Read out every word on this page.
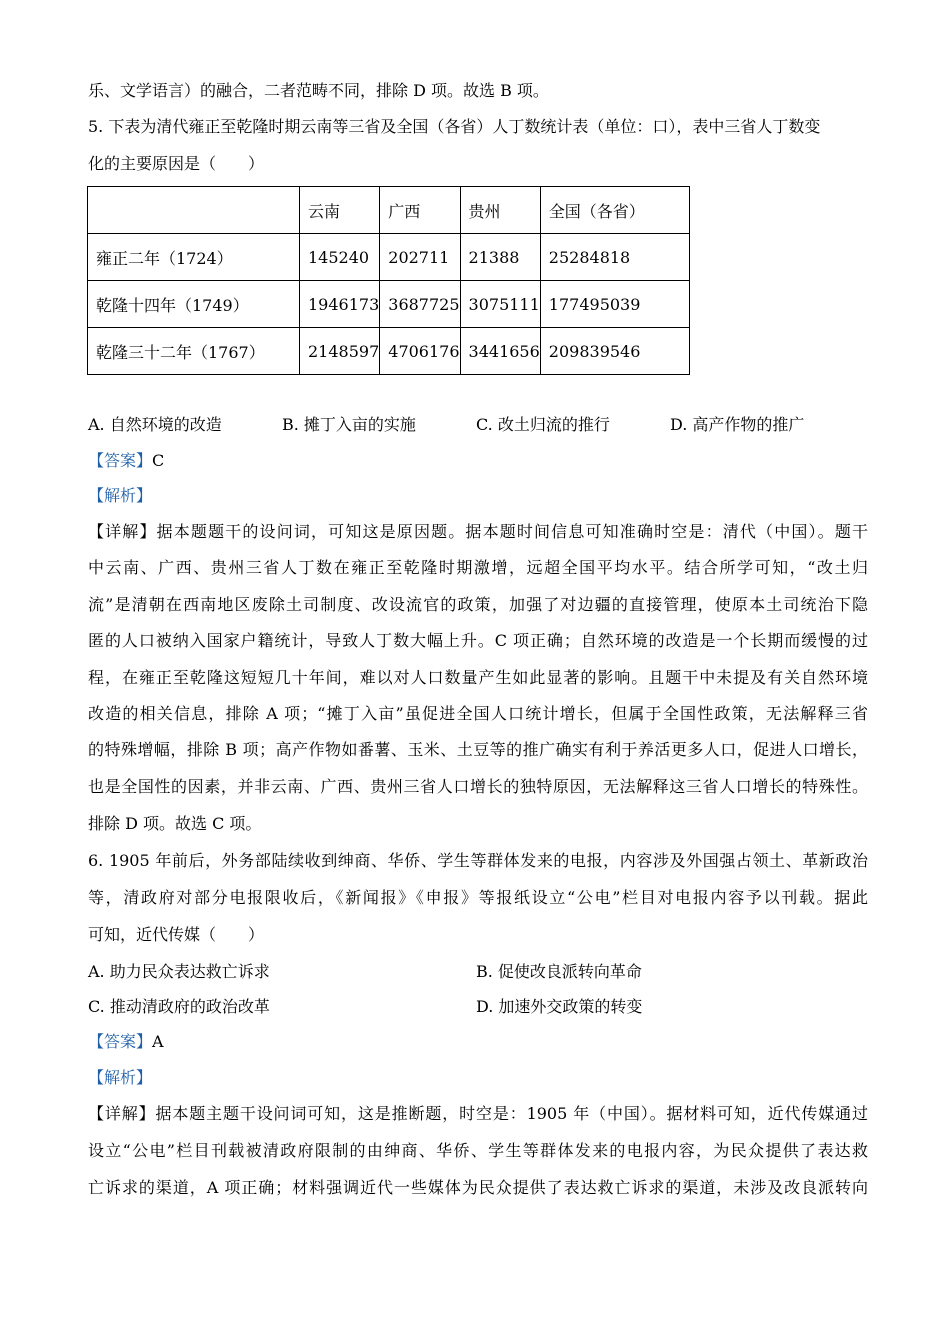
乐、文学语言）的融合，二者范畴不同，排除 D 项。故选 B 项。
5. 下表为清代雍正至乾隆时期云南等三省及全国（各省）人丁数统计表（单位：口），表中三省人丁数变
化的主要原因是（　　）
	云南	广西	贵州	全国（各省）
雍正二年（1724）	145240	202711	21388	25284818
乾隆十四年（1749）	1946173	3687725	3075111	177495039
乾隆三十二年（1767）	2148597	4706176	3441656	209839546
A. 自然环境的改造	B. 摊丁入亩的实施	C. 改土归流的推行	D. 高产作物的推广
【答案】C
【解析】
【详解】据本题题干的设问词，可知这是原因题。据本题时间信息可知准确时空是：清代（中国）。题干
中云南、广西、贵州三省人丁数在雍正至乾隆时期激增，远超全国平均水平。结合所学可知，“改土归
流”是清朝在西南地区废除土司制度、改设流官的政策，加强了对边疆的直接管理，使原本土司统治下隐
匿的人口被纳入国家户籍统计，导致人丁数大幅上升。C 项正确；自然环境的改造是一个长期而缓慢的过
程，在雍正至乾隆这短短几十年间，难以对人口数量产生如此显著的影响。且题干中未提及有关自然环境
改造的相关信息，排除 A 项；“摊丁入亩”虽促进全国人口统计增长，但属于全国性政策，无法解释三省
的特殊增幅，排除 B 项；高产作物如番薯、玉米、土豆等的推广确实有利于养活更多人口，促进人口增长，
也是全国性的因素，并非云南、广西、贵州三省人口增长的独特原因，无法解释这三省人口增长的特殊性。
排除 D 项。故选 C 项。
6. 1905 年前后，外务部陆续收到绅商、华侨、学生等群体发来的电报，内容涉及外国强占领土、革新政治
等，清政府对部分电报限收后，《新闻报》《申报》等报纸设立“公电”栏目对电报内容予以刊载。据此
可知，近代传媒（　　）
A. 助力民众表达救亡诉求	B. 促使改良派转向革命
C. 推动清政府的政治改革	D. 加速外交政策的转变
【答案】A
【解析】
【详解】据本题主题干设问词可知，这是推断题，时空是：1905 年（中国）。据材料可知，近代传媒通过
设立“公电”栏目刊载被清政府限制的由绅商、华侨、学生等群体发来的电报内容，为民众提供了表达救
亡诉求的渠道，A 项正确；材料强调近代一些媒体为民众提供了表达救亡诉求的渠道，未涉及改良派转向
